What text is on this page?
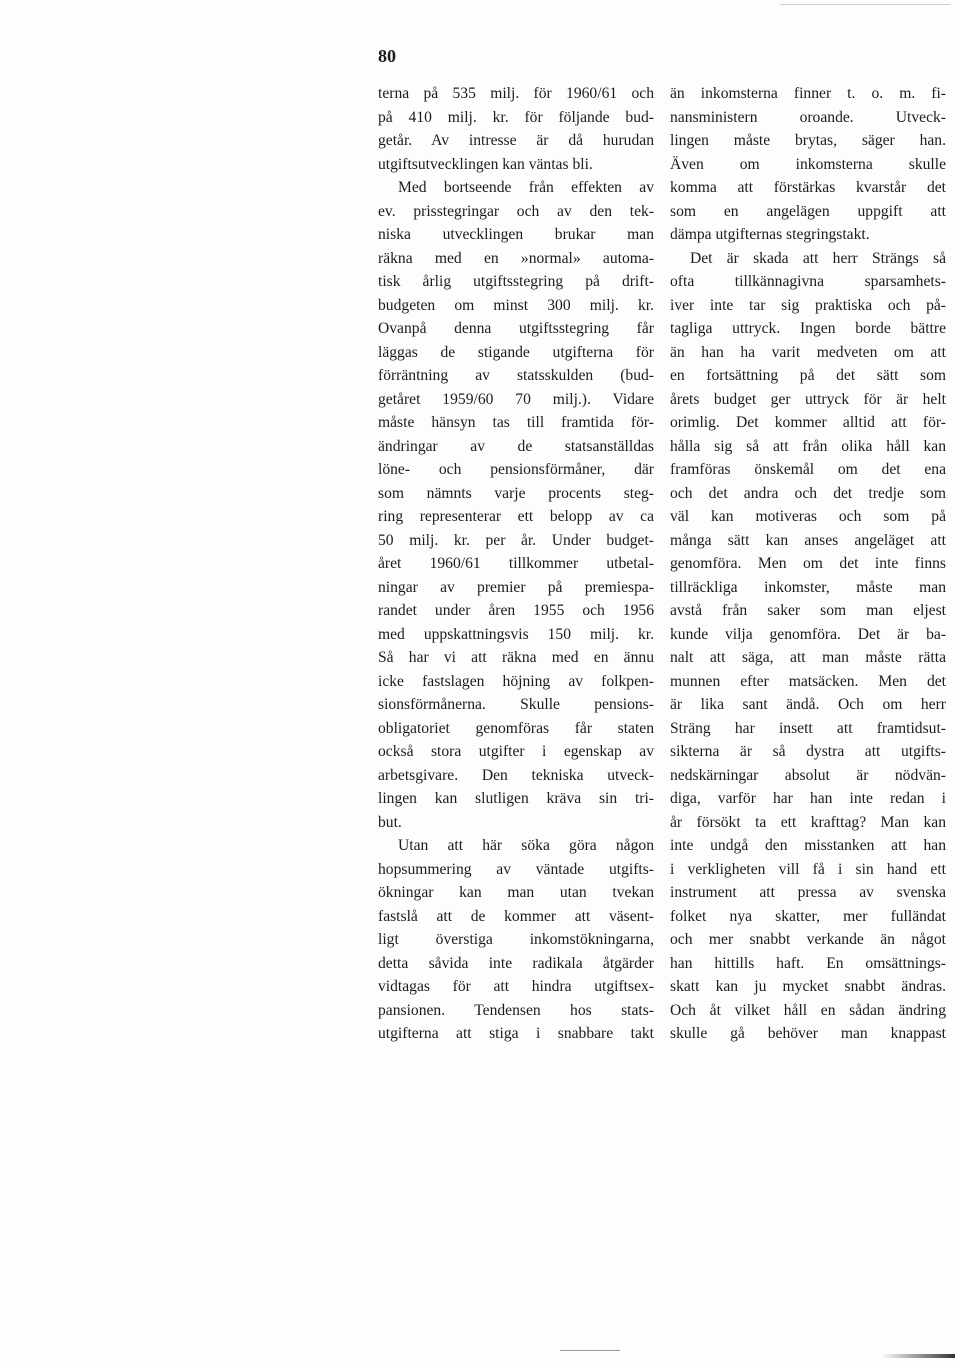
80
terna på 535 milj. för 1960/61 och
på 410 milj. kr. för följande bud-
getår. Av intresse är då hurudan
utgiftsutvecklingen kan väntas bli.
Med bortseende från effekten av
ev. prisstegringar och av den tek-
niska utvecklingen brukar man
räkna med en »normal» automa-
tisk årlig utgiftsstegring på drift-
budgeten om minst 300 milj. kr.
Ovanpå denna utgiftsstegring får
läggas de stigande utgifterna för
förräntning av statsskulden (bud-
getåret 1959/60 70 milj.). Vidare
måste hänsyn tas till framtida för-
ändringar av de statsanställdas
löne- och pensionsförmåner, där
som nämnts varje procents steg-
ring representerar ett belopp av ca
50 milj. kr. per år. Under budget-
året 1960/61 tillkommer utbetal-
ningar av premier på premiespa-
randet under åren 1955 och 1956
med uppskattningsvis 150 milj. kr.
Så har vi att räkna med en ännu
icke fastslagen höjning av folkpen-
sionsförmånerna. Skulle pensions-
obligatoriet genomföras får staten
också stora utgifter i egenskap av
arbetsgivare. Den tekniska utveck-
lingen kan slutligen kräva sin tri-
but.
Utan att här söka göra någon
hopsummering av väntade utgifts-
ökningar kan man utan tvekan
fastslå att de kommer att väsent-
ligt överstiga inkomstökningarna,
detta såvida inte radikala åtgärder
vidtagas för att hindra utgiftsex-
pansionen. Tendensen hos stats-
utgifterna att stiga i snabbare takt
än inkomsterna finner t. o. m. fi-
nansministern oroande. Utveck-
lingen måste brytas, säger han.
Även om inkomsterna skulle
komma att förstärkas kvarstår det
som en angelägen uppgift att
dämpa utgifternas stegringstakt.
Det är skada att herr Strängs så
ofta tillkännagivna sparsamhets-
iver inte tar sig praktiska och på-
tagliga uttryck. Ingen borde bättre
än han ha varit medveten om att
en fortsättning på det sätt som
årets budget ger uttryck för är helt
orimlig. Det kommer alltid att för-
hålla sig så att från olika håll kan
framföras önskemål om det ena
och det andra och det tredje som
väl kan motiveras och som på
många sätt kan anses angeläget att
genomföra. Men om det inte finns
tillräckliga inkomster, måste man
avstå från saker som man eljest
kunde vilja genomföra. Det är ba-
nalt att säga, att man måste rätta
munnen efter matsäcken. Men det
är lika sant ändå. Och om herr
Sträng har insett att framtidsut-
sikterna är så dystra att utgifts-
nedskärningar absolut är nödvän-
diga, varför har han inte redan i
år försökt ta ett krafttag? Man kan
inte undgå den misstanken att han
i verkligheten vill få i sin hand ett
instrument att pressa av svenska
folket nya skatter, mer fulländat
och mer snabbt verkande än något
han hittills haft. En omsättnings-
skatt kan ju mycket snabbt ändras.
Och åt vilket håll en sådan ändring
skulle gå behöver man knappast
